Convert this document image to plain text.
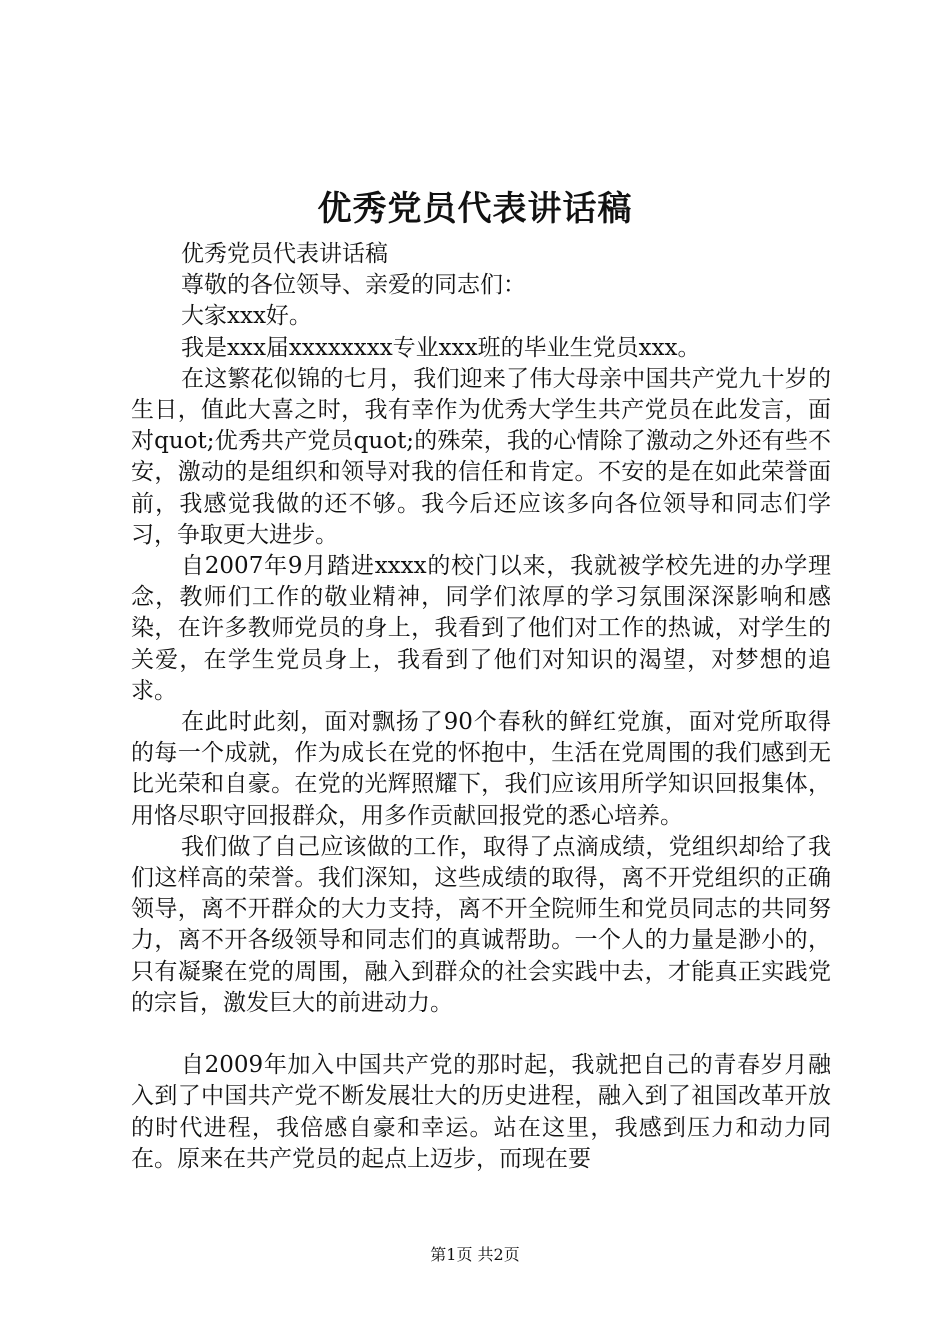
优秀党员代表讲话稿

优秀党员代表讲话稿

尊敬的各位领导、亲爱的同志们：

大家xxx好。

我是xxx届xxxxxxxx专业xxx班的毕业生党员xxx。

在这繁花似锦的七月，我们迎来了伟大母亲中国共产党九十岁的生日，值此大喜之时，我有幸作为优秀大学生共产党员在此发言，面对quot;优秀共产党员quot;的殊荣，我的心情除了激动之外还有些不安，激动的是组织和领导对我的信任和肯定。不安的是在如此荣誉面前，我感觉我做的还不够。我今后还应该多向各位领导和同志们学习，争取更大进步。

自2007年9月踏进xxxx的校门以来，我就被学校先进的办学理念，教师们工作的敬业精神，同学们浓厚的学习氛围深深影响和感染，在许多教师党员的身上，我看到了他们对工作的热诚，对学生的关爱，在学生党员身上，我看到了他们对知识的渴望，对梦想的追求。

在此时此刻，面对飘扬了90个春秋的鲜红党旗，面对党所取得的每一个成就，作为成长在党的怀抱中，生活在党周围的我们感到无比光荣和自豪。在党的光辉照耀下，我们应该用所学知识回报集体，用恪尽职守回报群众，用多作贡献回报党的悉心培养。

我们做了自己应该做的工作，取得了点滴成绩，党组织却给了我们这样高的荣誉。我们深知，这些成绩的取得，离不开党组织的正确领导，离不开群众的大力支持，离不开全院师生和党员同志的共同努力，离不开各级领导和同志们的真诚帮助。一个人的力量是渺小的，只有凝聚在党的周围，融入到群众的社会实践中去，才能真正实践党的宗旨，激发巨大的前进动力。

自2009年加入中国共产党的那时起，我就把自己的青春岁月融入到了中国共产党不断发展壮大的历史进程，融入到了祖国改革开放的时代进程，我倍感自豪和幸运。站在这里，我感到压力和动力同在。原来在共产党员的起点上迈步，而现在要

第1页 共2页
